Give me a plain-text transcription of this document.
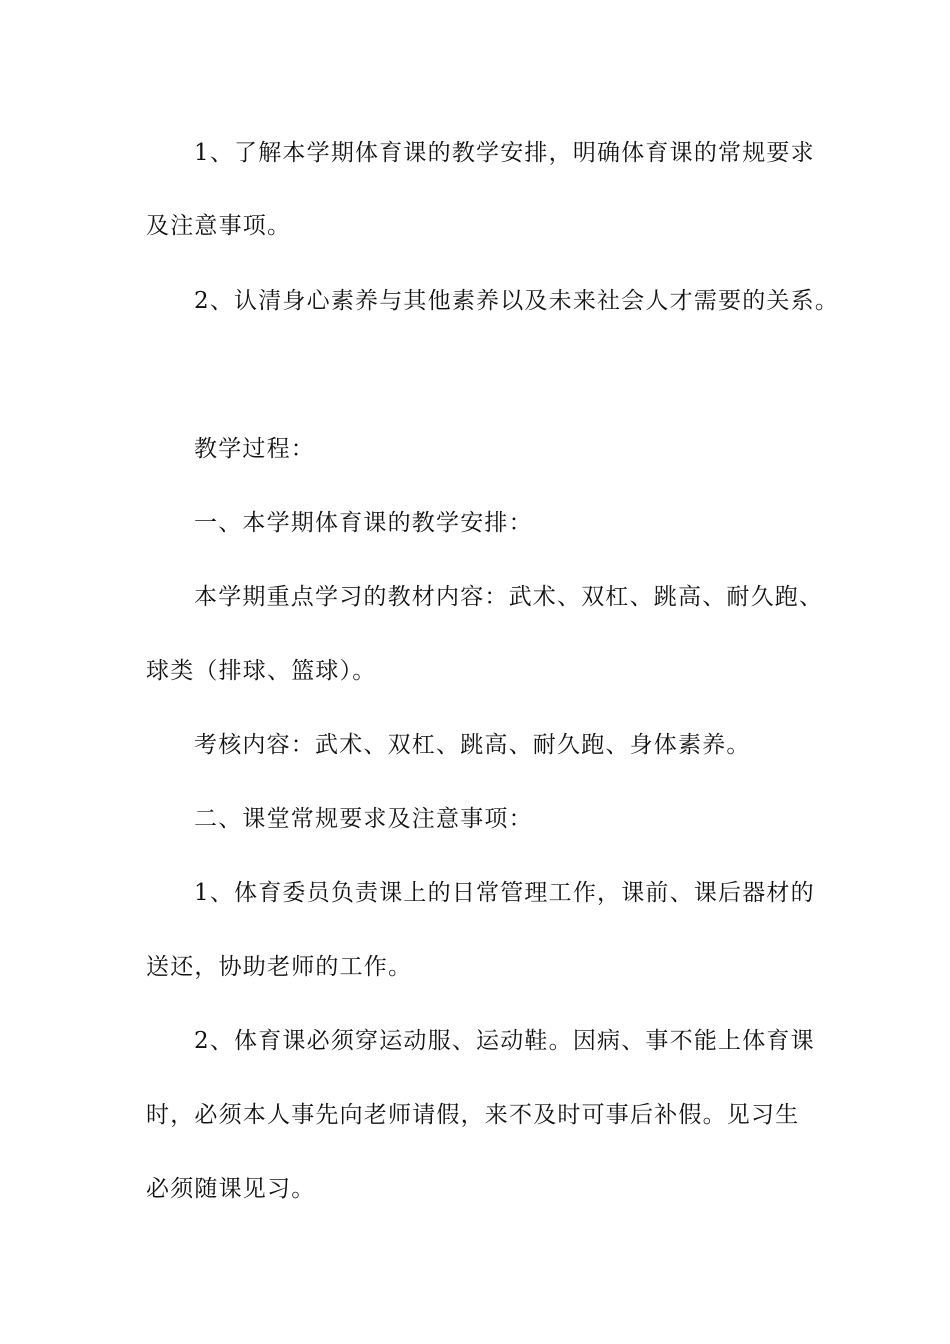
1、了解本学期体育课的教学安排，明确体育课的常规要求
及注意事项。
2、认清身心素养与其他素养以及未来社会人才需要的关系。
教学过程：
一、本学期体育课的教学安排：
本学期重点学习的教材内容：武术、双杠、跳高、耐久跑、
球类（排球、篮球）。
考核内容：武术、双杠、跳高、耐久跑、身体素养。
二、课堂常规要求及注意事项：
1、体育委员负责课上的日常管理工作，课前、课后器材的
送还，协助老师的工作。
2、体育课必须穿运动服、运动鞋。因病、事不能上体育课
时，必须本人事先向老师请假，来不及时可事后补假。见习生
必须随课见习。
